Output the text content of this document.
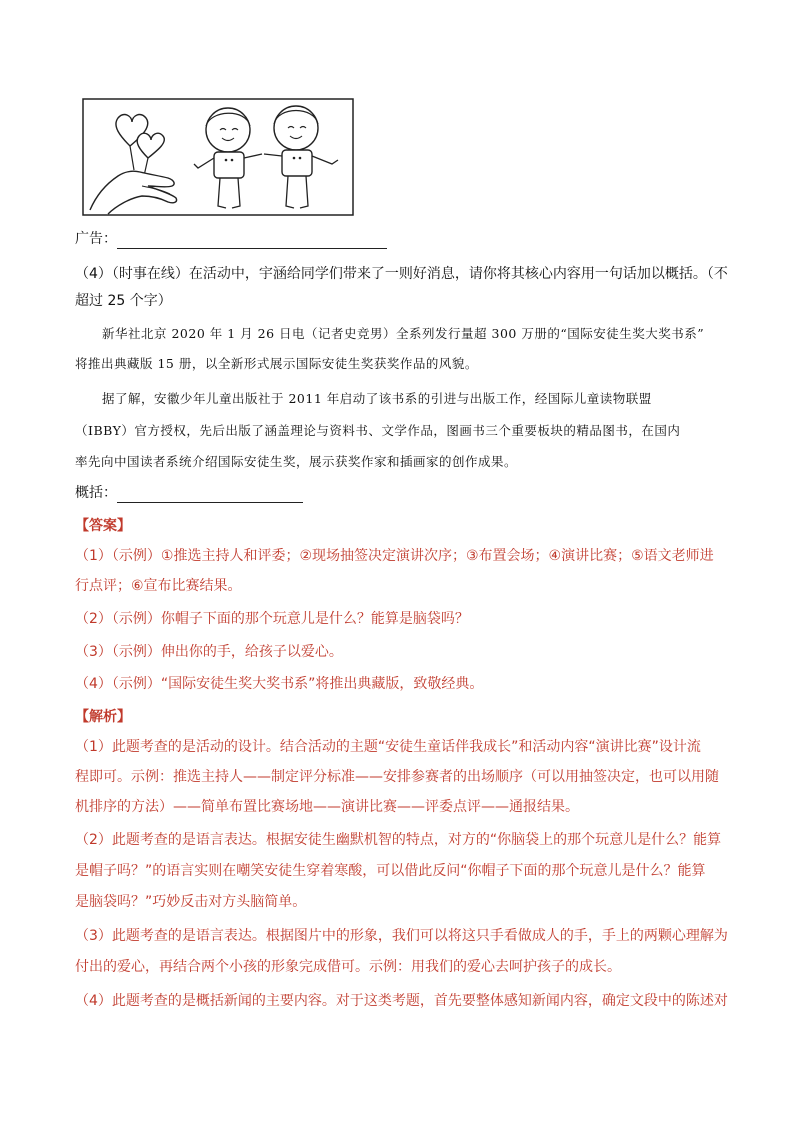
广告：
（4）（时事在线）在活动中，宇涵给同学们带来了一则好消息，请你将其核心内容用一句话加以概括。（不
超过 25 个字）
新华社北京 2020 年 1 月 26 日电（记者史竞男）全系列发行量超 300 万册的“国际安徒生奖大奖书系”
将推出典藏版 15 册，以全新形式展示国际安徒生奖获奖作品的风貌。
据了解，安徽少年儿童出版社于 2011 年启动了该书系的引进与出版工作，经国际儿童读物联盟
（IBBY）官方授权，先后出版了涵盖理论与资料书、文学作品，图画书三个重要板块的精品图书，在国内
率先向中国读者系统介绍国际安徒生奖，展示获奖作家和插画家的创作成果。
概括：
【答案】
（1）（示例）①推选主持人和评委；②现场抽签决定演讲次序；③布置会场；④演讲比赛；⑤语文老师进
行点评；⑥宣布比赛结果。
（2）（示例）你帽子下面的那个玩意儿是什么？能算是脑袋吗？
（3）（示例）伸出你的手，给孩子以爱心。
（4）（示例）“国际安徒生奖大奖书系”将推出典藏版，致敬经典。
【解析】
（1）此题考查的是活动的设计。结合活动的主题“安徒生童话伴我成长”和活动内容“演讲比赛”设计流
程即可。示例：推选主持人——制定评分标准——安排参赛者的出场顺序（可以用抽签决定，也可以用随
机排序的方法）——简单布置比赛场地——演讲比赛——评委点评——通报结果。
（2）此题考查的是语言表达。根据安徒生幽默机智的特点，对方的“你脑袋上的那个玩意儿是什么？能算
是帽子吗？”的语言实则在嘲笑安徒生穿着寒酸，可以借此反问“你帽子下面的那个玩意儿是什么？能算
是脑袋吗？”巧妙反击对方头脑简单。
（3）此题考查的是语言表达。根据图片中的形象，我们可以将这只手看做成人的手，手上的两颗心理解为
付出的爱心，再结合两个小孩的形象完成借可。示例：用我们的爱心去呵护孩子的成长。
（4）此题考查的是概括新闻的主要内容。对于这类考题，首先要整体感知新闻内容，确定文段中的陈述对
